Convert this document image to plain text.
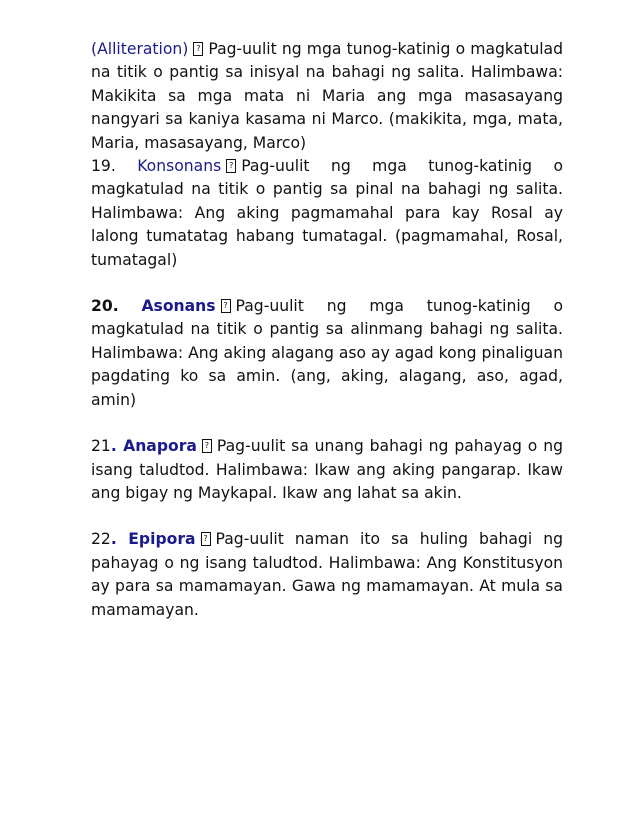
(Alliteration) ? Pag-uulit ng mga tunog-katinig o magkatulad na titik o pantig sa inisyal na bahagi ng salita. Halimbawa: Makikita sa mga mata ni Maria ang mga masasayang nangyari sa kaniya kasama ni Marco. (makikita, mga, mata, Maria, masasayang, Marco)

19. Konsonans ? Pag-uulit ng mga tunog-katinig o magkatulad na titik o pantig sa pinal na bahagi ng salita. Halimbawa: Ang aking pagmamahal para kay Rosal ay lalong tumatatag habang tumatagal. (pagmamahal, Rosal, tumatagal)

20. Asonans ? Pag-uulit ng mga tunog-katinig o magkatulad na titik o pantig sa alinmang bahagi ng salita. Halimbawa: Ang aking alagang aso ay agad kong pinaliguan pagdating ko sa amin. (ang, aking, alagang, aso, agad, amin)

21. Anapora ? Pag-uulit sa unang bahagi ng pahayag o ng isang taludtod. Halimbawa: Ikaw ang aking pangarap. Ikaw ang bigay ng Maykapal. Ikaw ang lahat sa akin.

22. Epipora ? Pag-uulit naman ito sa huling bahagi ng pahayag o ng isang taludtod. Halimbawa: Ang Konstitusyon ay para sa mamamayan. Gawa ng mamamayan. At mula sa mamamayan.
